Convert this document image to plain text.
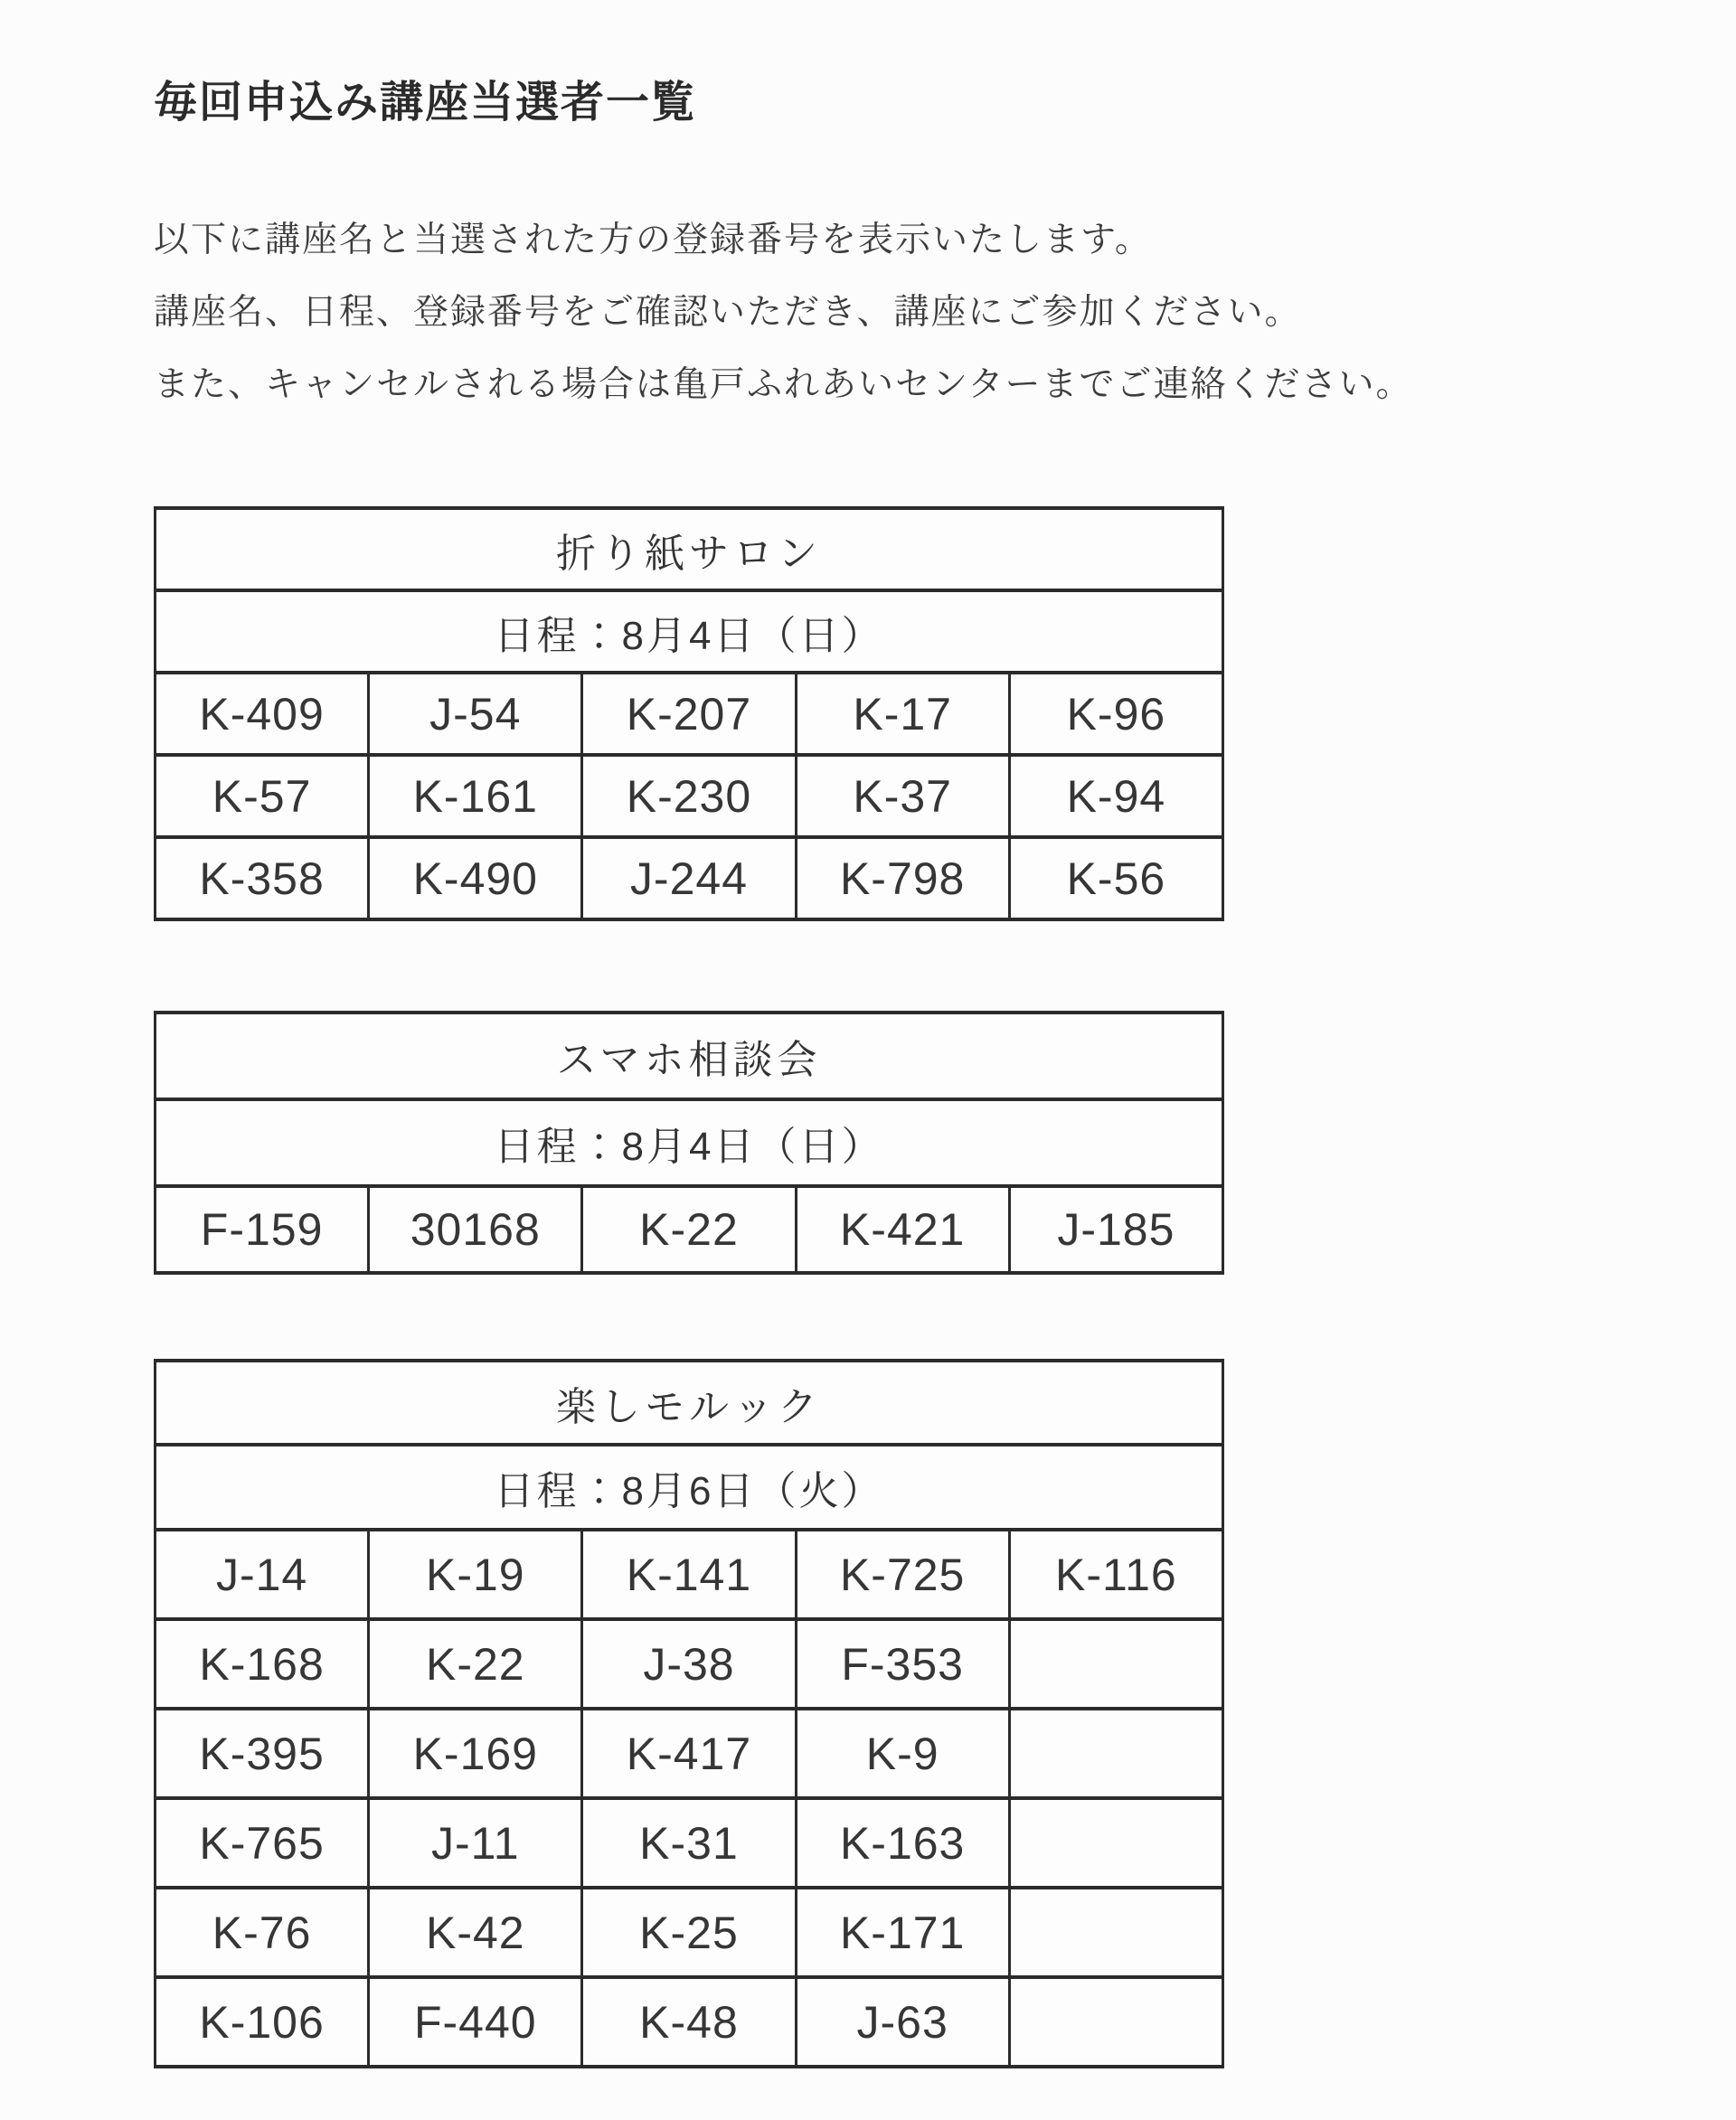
毎回申込み講座当選者一覧
以下に講座名と当選された方の登録番号を表示いたします。
講座名、日程、登録番号をご確認いただき、講座にご参加ください。
また、キャンセルされる場合は亀戸ふれあいセンターまでご連絡ください。
折り紙サロン				
日程：8月4日（日）				
K-409	J-54	K-207	K-17	K-96
K-57	K-161	K-230	K-37	K-94
K-358	K-490	J-244	K-798	K-56
スマホ相談会
日程：8月4日（日）
F-159	30168	K-22	K-421	J-185
楽しモルック				
日程：8月6日（火）				
J-14	K-19	K-141	K-725	K-116
K-168	K-22	J-38	F-353	
K-395	K-169	K-417	K-9	
K-765	J-11	K-31	K-163	
K-76	K-42	K-25	K-171	
K-106	F-440	K-48	J-63	
